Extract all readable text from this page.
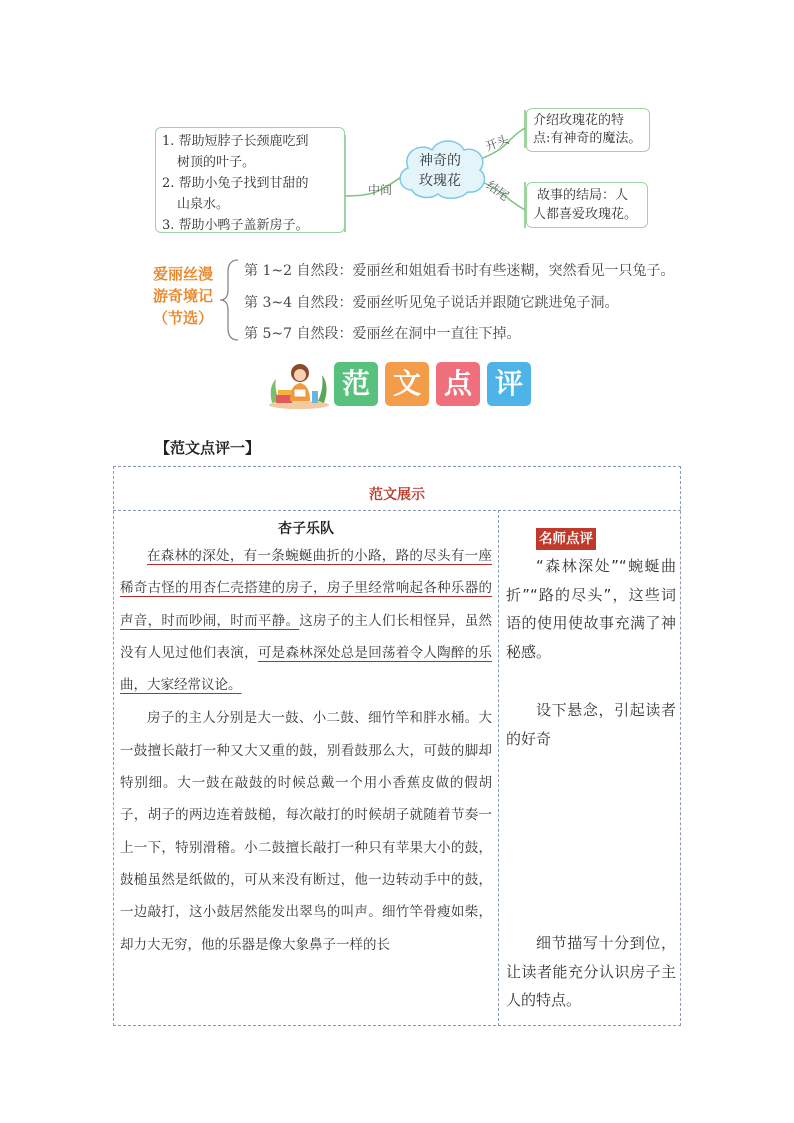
神奇的
玫瑰花
1. 帮助短脖子长颈鹿吃到
树顶的叶子。
2. 帮助小兔子找到甘甜的
山泉水。
3. 帮助小鸭子盖新房子。
中间
开头
结尾
介绍玫瑰花的特
点:有神奇的魔法。
故事的结局：人
人都喜爱玫瑰花。
爱丽丝漫
游奇境记
（节选）
第 1~2 自然段：爱丽丝和姐姐看书时有些迷糊，突然看见一只兔子。
第 3~4 自然段：爱丽丝听见兔子说话并跟随它跳进兔子洞。
第 5~7 自然段：爱丽丝在洞中一直往下掉。
范 文 点 评
【范文点评一】
范文展示
杏子乐队

在森林的深处，有一条蜿蜒曲折的小路，路的尽头有一座稀奇古怪的用杏仁壳搭建的房子，房子里经常响起各种乐器的声音，时而吵闹，时而平静。这房子的主人们长相怪异，虽然没有人见过他们表演，可是森林深处总是回荡着令人陶醉的乐曲，大家经常议论。

房子的主人分别是大一鼓、小二鼓、细竹竿和胖水桶。大一鼓擅长敲打一种又大又重的鼓，别看鼓那么大，可鼓的脚却特别细。大一鼓在敲鼓的时候总戴一个用小香蕉皮做的假胡子，胡子的两边连着鼓槌，每次敲打的时候胡子就随着节奏一上一下，特别滑稽。小二鼓擅长敲打一种只有苹果大小的鼓，鼓槌虽然是纸做的，可从来没有断过，他一边转动手中的鼓，一边敲打，这小鼓居然能发出翠鸟的叫声。细竹竿骨瘦如柴，却力大无穷，他的乐器是像大象鼻子一样的长

名师点评

“森林深处”“蜿蜒曲折”“路的尽头”，这些词语的使用使故事充满了神秘感。

设下悬念，引起读者的好奇

细节描写十分到位，让读者能充分认识房子主人的特点。
